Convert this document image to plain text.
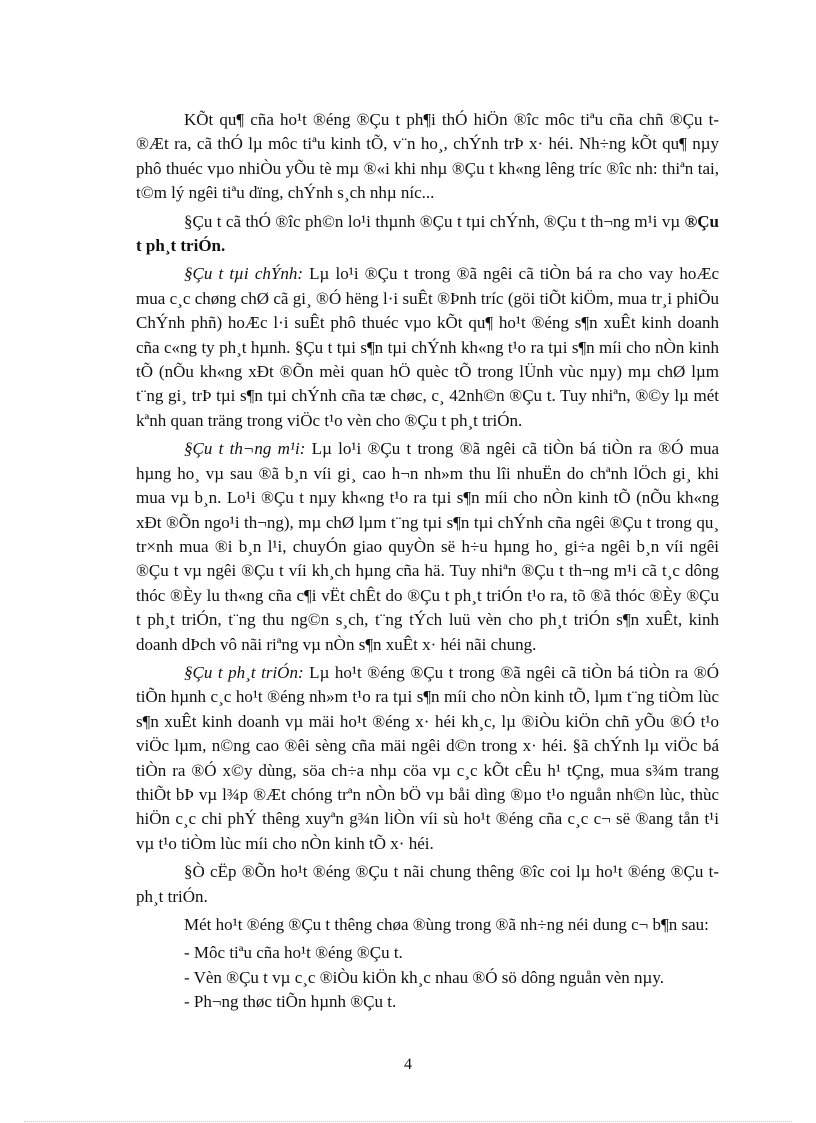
KÕt qu¶ cña ho¹t ®éng ®Çu t ph¶i thÓ hiÖn ®îc môc tiªu cña chñ ®Çu t ®Æt ra, cã thÓ lµ môc tiªu kinh tÕ, v¨n ho¸, chÝnh trÞ x· héi. Nh÷ng kÕt qu¶ nµy phô thuéc vµo nhiÒu yÕu tè mµ ®«i khi nhµ ®Çu t kh«ng lêng tríc ®îc nh: thiªn tai, t©m lý ngêi tiªu dïng, chÝnh s¸ch nhµ níc...

§Çu t cã thÓ ®îc ph©n lo¹i thµnh ®Çu t tµi chÝnh, ®Çu t th¬ng m¹i vµ ®Çu t ph¸t triÓn.

§Çu t tµi chÝnh: Lµ lo¹i ®Çu t trong ®ã ngêi cã tiÒn bá ra cho vay hoÆc mua c¸c chøng chØ cã gi¸ ®Ó hëng l·i suÊt ®Þnh tríc (göi tiÕt kiÖm, mua tr¸i phiÕu ChÝnh phñ) hoÆc l·i suÊt phô thuéc vµo kÕt qu¶ ho¹t ®éng s¶n xuÊt kinh doanh cña c«ng ty ph¸t hµnh. §Çu t tµi s¶n tµi chÝnh kh«ng t¹o ra tµi s¶n míi cho nÒn kinh tÕ (nÕu kh«ng xÐt ®Õn mèi quan hÖ quèc tÕ trong lÜnh vùc nµy) mµ chØ lµm t¨ng gi¸ trÞ tµi s¶n tµi chÝnh cña tæ chøc, c¸ 42nh©n ®Çu t. Tuy nhiªn, ®©y lµ mét kªnh quan träng trong viÖc t¹o vèn cho ®Çu t ph¸t triÓn.

§Çu t th¬ng m¹i: Lµ lo¹i ®Çu t trong ®ã ngêi cã tiÒn bá tiÒn ra ®Ó mua hµng ho¸ vµ sau ®ã b¸n víi gi¸ cao h¬n nh»m thu lîi nhuËn do chªnh lÖch gi¸ khi mua vµ b¸n. Lo¹i ®Çu t nµy kh«ng t¹o ra tµi s¶n míi cho nÒn kinh tÕ (nÕu kh«ng xÐt ®Õn ngo¹i th¬ng), mµ chØ lµm t¨ng tµi s¶n tµi chÝnh cña ngêi ®Çu t trong qu¸ tr×nh mua ®i b¸n l¹i, chuyÓn giao quyÒn së h÷u hµng ho¸ gi÷a ngêi b¸n víi ngêi ®Çu t vµ ngêi ®Çu t víi kh¸ch hµng cña hä. Tuy nhiªn ®Çu t th¬ng m¹i cã t¸c dông thóc ®Èy lu th«ng cña c¶i vËt chÊt do ®Çu t ph¸t triÓn t¹o ra, tõ ®ã thóc ®Èy ®Çu t ph¸t triÓn, t¨ng thu ng©n s¸ch, t¨ng tÝch luü vèn cho ph¸t triÓn s¶n xuÊt, kinh doanh dÞch vô nãi riªng vµ nÒn s¶n xuÊt x· héi nãi chung.

§Çu t ph¸t triÓn: Lµ ho¹t ®éng ®Çu t trong ®ã ngêi cã tiÒn bá tiÒn ra ®Ó tiÕn hµnh c¸c ho¹t ®éng nh»m t¹o ra tµi s¶n míi cho nÒn kinh tÕ, lµm t¨ng tiÒm lùc s¶n xuÊt kinh doanh vµ mäi ho¹t ®éng x· héi kh¸c, lµ ®iÒu kiÖn chñ yÕu ®Ó t¹o viÖc lµm, n©ng cao ®êi sèng cña mäi ngêi d©n trong x· héi. §ã chÝnh lµ viÖc bá tiÒn ra ®Ó x©y dùng, söa ch÷a nhµ cöa vµ c¸c kÕt cÊu h¹ tÇng, mua s¾m trang thiÕt bÞ vµ l¾p ®Æt chóng trªn nÒn bÖ vµ båi dìng ®µo t¹o nguån nh©n lùc, thùc hiÖn c¸c chi phÝ thêng xuyªn g¾n liÒn víi sù ho¹t ®éng cña c¸c c¬ së ®ang tån t¹i vµ t¹o tiÒm lùc míi cho nÒn kinh tÕ x· héi.

§Ò cËp ®Õn ho¹t ®éng ®Çu t nãi chung thêng ®îc coi lµ ho¹t ®éng ®Çu t ph¸t triÓn.

Mét ho¹t ®éng ®Çu t thêng chøa ®ùng trong ®ã nh÷ng néi dung c¬ b¶n sau:

- Môc tiªu cña ho¹t ®éng ®Çu t.

- Vèn ®Çu t vµ c¸c ®iÒu kiÖn kh¸c nhau ®Ó sö dông nguån vèn nµy.

- Ph¬ng thøc tiÕn hµnh ®Çu t.

4
